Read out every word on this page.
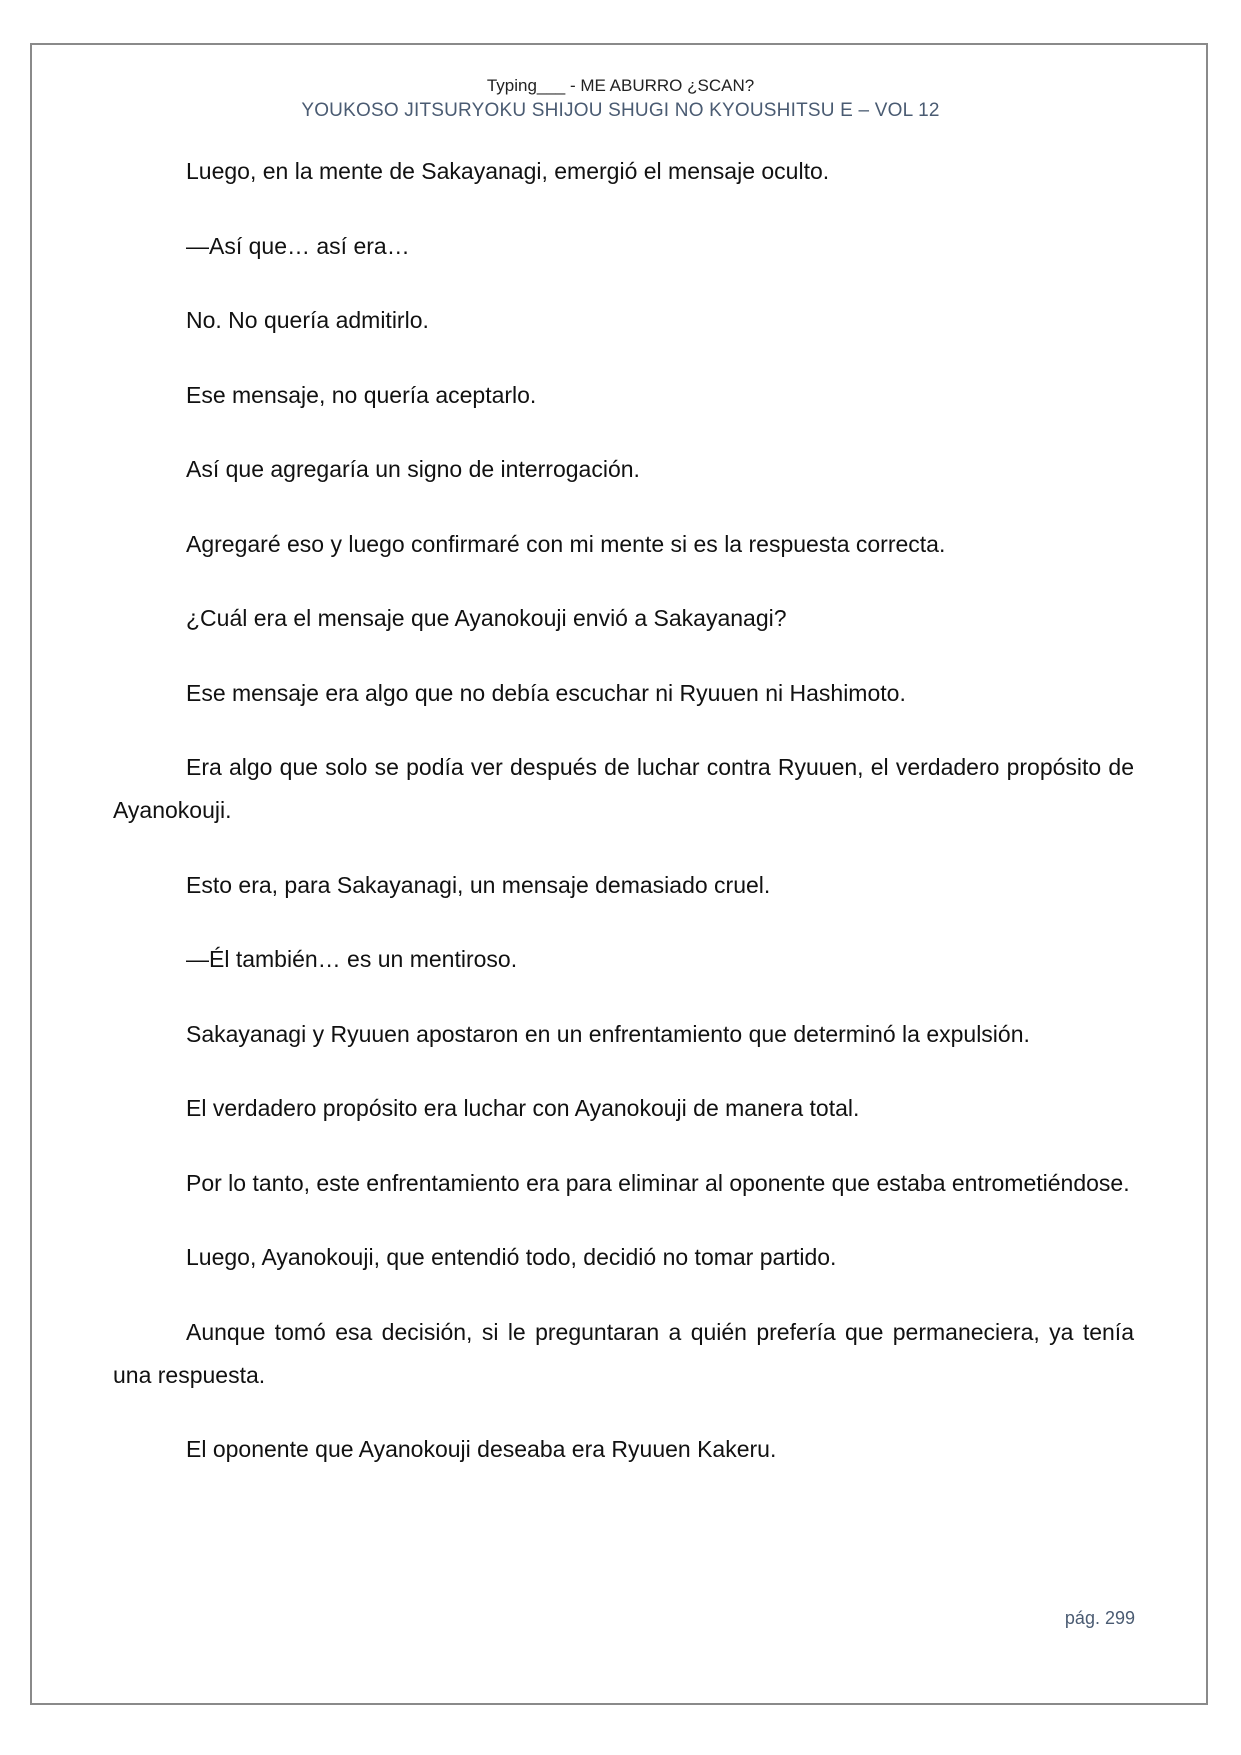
Typing___ - ME ABURRO ¿SCAN?
YOUKOSO JITSURYOKU SHIJOU SHUGI NO KYOUSHITSU E – VOL 12

Luego, en la mente de Sakayanagi, emergió el mensaje oculto.

—Así que… así era…

No. No quería admitirlo.

Ese mensaje, no quería aceptarlo.

Así que agregaría un signo de interrogación.

Agregaré eso y luego confirmaré con mi mente si es la respuesta correcta.

¿Cuál era el mensaje que Ayanokouji envió a Sakayanagi?

Ese mensaje era algo que no debía escuchar ni Ryuuen ni Hashimoto.

Era algo que solo se podía ver después de luchar contra Ryuuen, el verdadero propósito de Ayanokouji.

Esto era, para Sakayanagi, un mensaje demasiado cruel.

—Él también… es un mentiroso.

Sakayanagi y Ryuuen apostaron en un enfrentamiento que determinó la expulsión.

El verdadero propósito era luchar con Ayanokouji de manera total.

Por lo tanto, este enfrentamiento era para eliminar al oponente que estaba entrometiéndose.

Luego, Ayanokouji, que entendió todo, decidió no tomar partido.

Aunque tomó esa decisión, si le preguntaran a quién prefería que permaneciera, ya tenía una respuesta.

El oponente que Ayanokouji deseaba era Ryuuen Kakeru.

pág. 299
